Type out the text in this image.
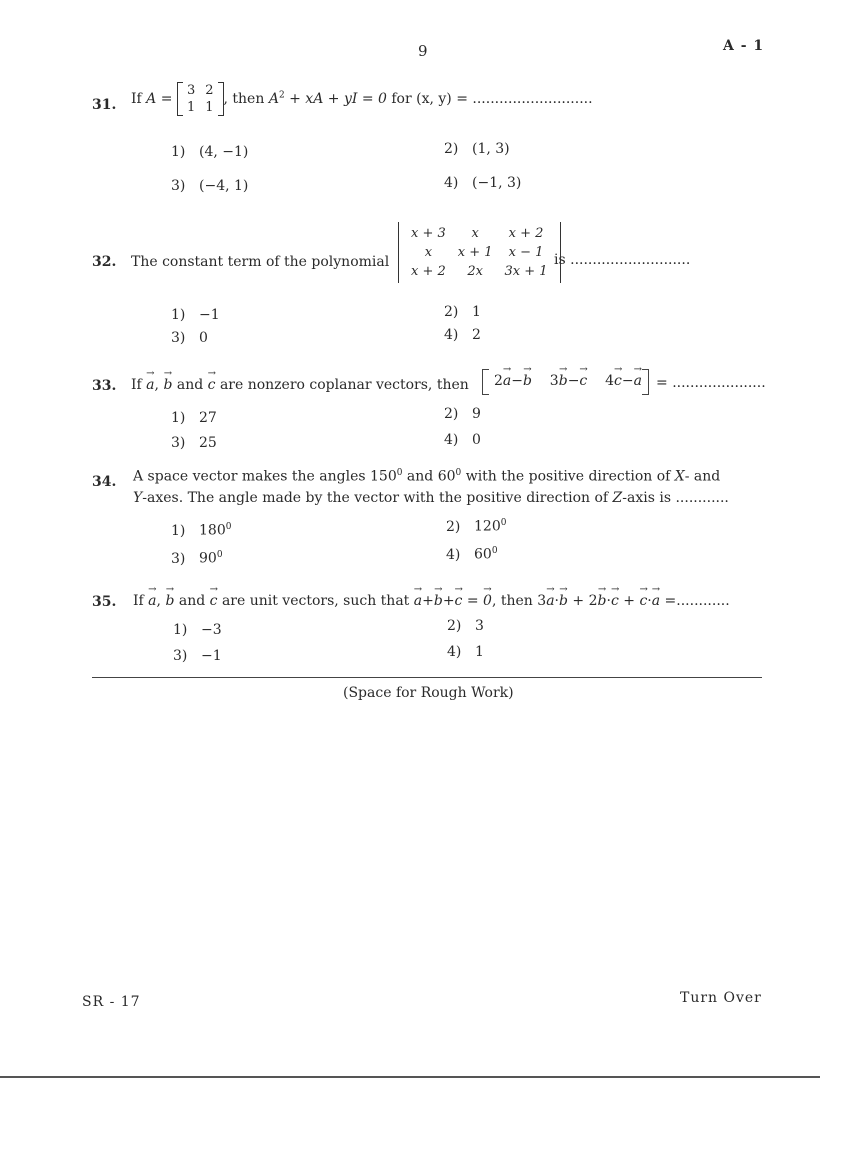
9	A - 1
31. If A =
3	2
1	1
, then $A^2$ + xA + yI = 0 for (x, y) = ...........................
1) (4, −1)	2) (1, 3)
3) (−4, 1)	4) (−1, 3)
32. The constant term of the polynomial
x + 3	x	x + 2
x	x + 1	x − 1
x + 2	2x	3x + 1
is ...........................
1) −1	2) 1
3) 0	4) 2
33. If → a, → b and → c are nonzero coplanar vectors, then 2→ a−→ b 3→ b−→ c 4→ c−→ a = .....................
1) 27	2) 9
3) 25	4) 0
34. A space vector makes the angles $150^0$ and $60^0$ with the positive direction of X- and
Y-axes. The angle made by the vector with the positive direction of Z-axis is ............
1) $180^0$	2) $120^0$
3) $90^0$	4) $60^0$
35. If → a, → b and → c are unit vectors, such that → a+→ b+→ c = → 0, then 3→ a·→ b + 2→ b·→ c + → c·→ a =............
1) −3	2) 3
3) −1	4) 1
(Space for Rough Work)
SR - 17	Turn Over
